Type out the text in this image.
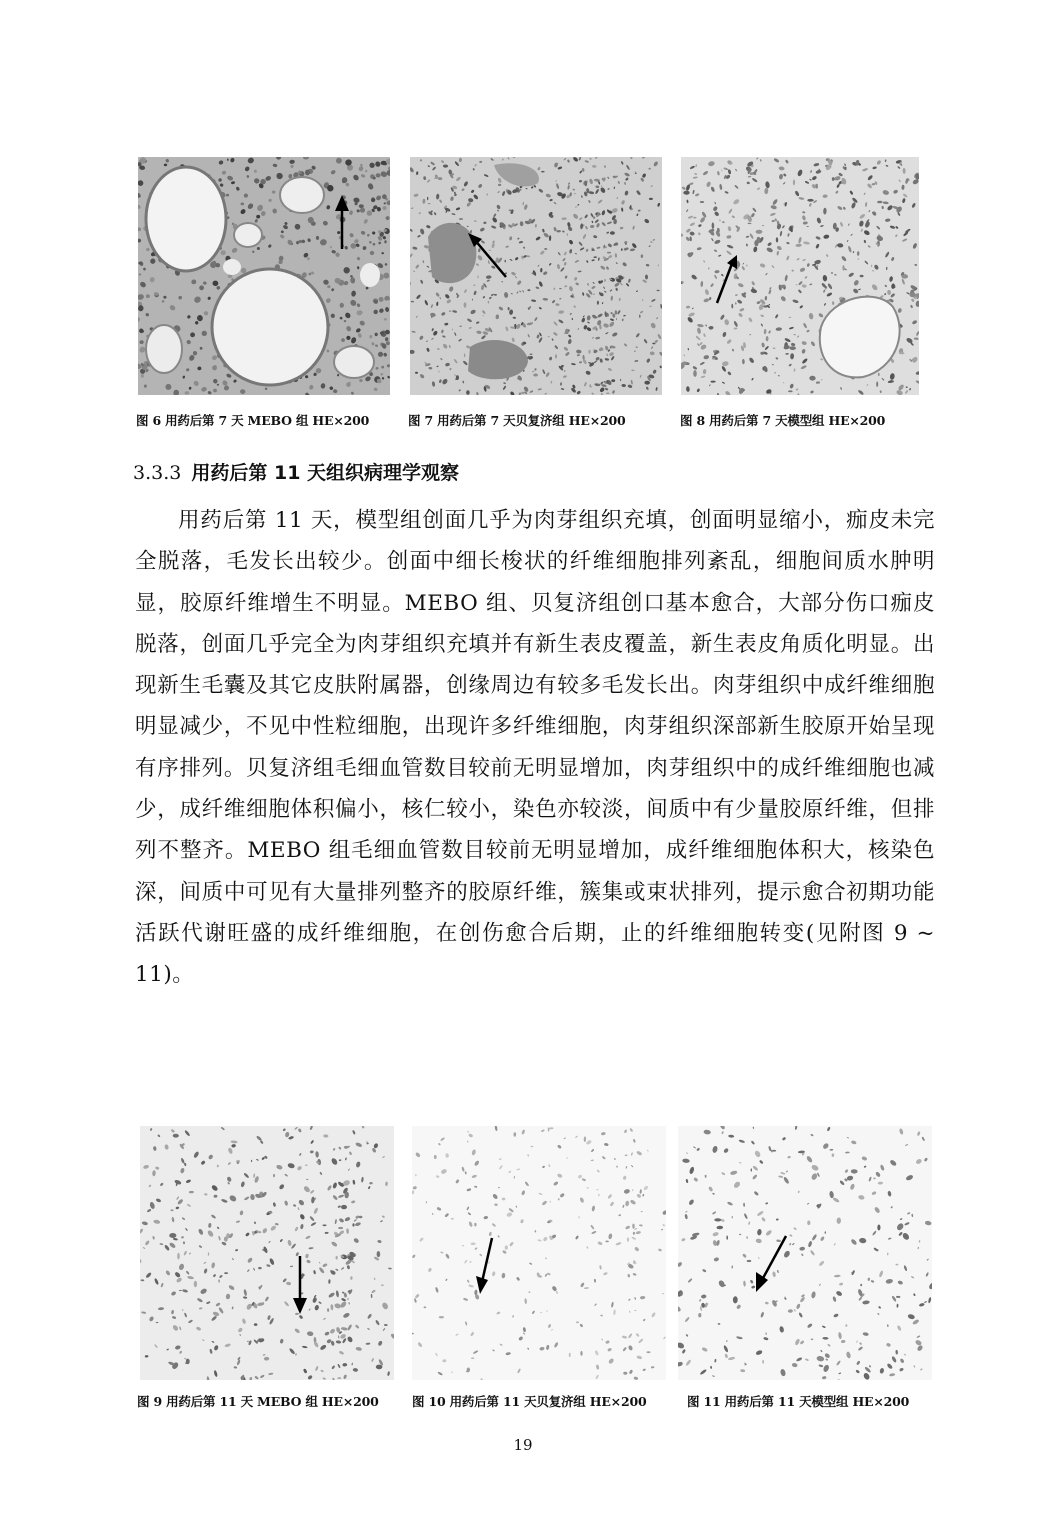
图 6 用药后第 7 天 MEBO 组 HE×200	图 7 用药后第 7 天贝复济组 HE×200	图 8 用药后第 7 天模型组 HE×200
3.3.3 用药后第 11 天组织病理学观察

用药后第 11 天，模型组创面几乎为肉芽组织充填，创面明显缩小，痂皮未完全脱落，毛发长出较少。创面中细长梭状的纤维细胞排列紊乱，细胞间质水肿明显，胶原纤维增生不明显。MEBO 组、贝复济组创口基本愈合，大部分伤口痂皮脱落，创面几乎完全为肉芽组织充填并有新生表皮覆盖，新生表皮角质化明显。出现新生毛囊及其它皮肤附属器，创缘周边有较多毛发长出。肉芽组织中成纤维细胞明显减少，不见中性粒细胞，出现许多纤维细胞，肉芽组织深部新生胶原开始呈现有序排列。贝复济组毛细血管数目较前无明显增加，肉芽组织中的成纤维细胞也减少，成纤维细胞体积偏小，核仁较小，染色亦较淡，间质中有少量胶原纤维，但排列不整齐。MEBO 组毛细血管数目较前无明显增加，成纤维细胞体积大，核染色深，间质中可见有大量排列整齐的胶原纤维，簇集或束状排列，提示愈合初期功能活跃代谢旺盛的成纤维细胞，在创伤愈合后期，止的纤维细胞转变(见附图 9 ~ 11)。

图 9 用药后第 11 天 MEBO 组 HE×200	图 10 用药后第 11 天贝复济组 HE×200	图 11 用药后第 11 天模型组 HE×200
19
